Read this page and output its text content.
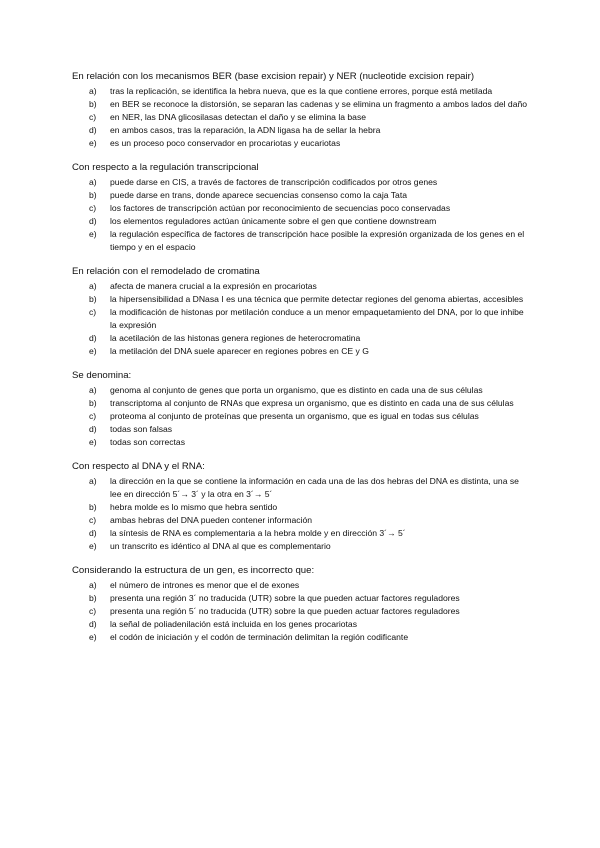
En relación con los mecanismos BER (base excision repair) y NER (nucleotide excision repair)
a) tras la replicación, se identifica la hebra nueva, que es la que contiene errores, porque está metilada
b) en BER se reconoce la distorsión, se separan las cadenas y se elimina un fragmento a ambos lados del daño
c) en NER, las DNA glicosilasas detectan el daño y se elimina la base
d) en ambos casos, tras la reparación, la ADN ligasa ha de sellar la hebra
e) es un proceso poco conservador en procariotas y eucariotas
Con respecto a la regulación transcripcional
a) puede darse en CIS, a través de factores de transcripción codificados por otros genes
b) puede darse en trans, donde aparece secuencias consenso como la caja Tata
c) los factores de transcripción actúan por reconocimiento de secuencias poco conservadas
d) los elementos reguladores actúan únicamente sobre el gen que contiene downstream
e) la regulación específica de factores de transcripción hace posible la expresión organizada de los genes en el tiempo y en el espacio
En relación con el remodelado de cromatina
a) afecta de manera crucial a la expresión en procariotas
b) la hipersensibilidad a DNasa I es una técnica que permite detectar regiones del genoma abiertas, accesibles
c) la modificación de histonas por metilación conduce a un menor empaquetamiento del DNA, por lo que inhibe la expresión
d) la acetilación de las histonas genera regiones de heterocromatina
e) la metilación del DNA suele aparecer en regiones pobres en CE y G
Se denomina:
a) genoma al conjunto de genes que porta un organismo, que es distinto en cada una de sus células
b) transcriptoma al conjunto de RNAs que expresa un organismo, que es distinto en cada una de sus células
c) proteoma al conjunto de proteínas que presenta un organismo, que es igual en todas sus células
d) todas son falsas
e) todas son correctas
Con respecto al DNA y el RNA:
a) la dirección en la que se contiene la información en cada una de las dos hebras del DNA es distinta, una se lee en dirección 5´→ 3´ y la otra en 3´→ 5´
b) hebra molde es lo mismo que hebra sentido
c) ambas hebras del DNA pueden contener información
d) la síntesis de RNA es complementaria a la hebra molde y en dirección 3´→ 5´
e) un transcrito es idéntico al DNA al que es complementario
Considerando la estructura de un gen, es incorrecto que:
a) el número de intrones es menor que el de exones
b) presenta una región 3´ no traducida (UTR) sobre la que pueden actuar factores reguladores
c) presenta una región 5´ no traducida (UTR) sobre la que pueden actuar factores reguladores
d) la señal de poliadenilación está incluida en los genes procariotas
e) el codón de iniciación y el codón de terminación delimitan la región codificante
